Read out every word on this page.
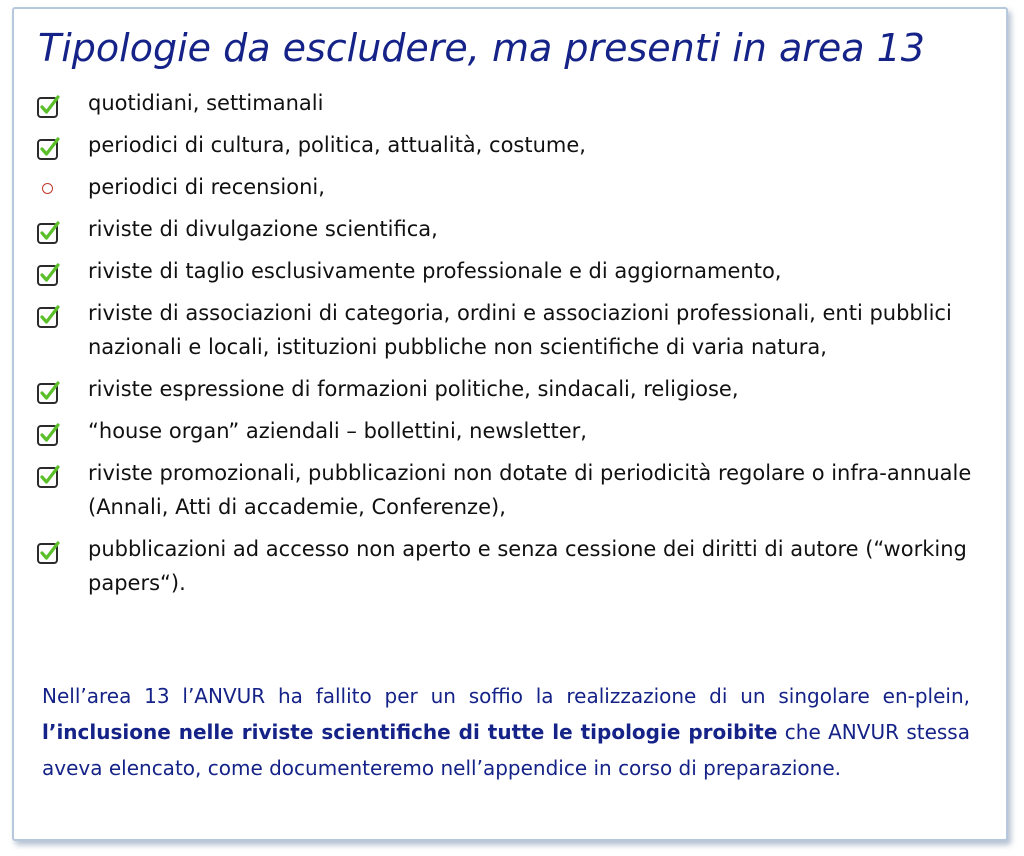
Tipologie da escludere, ma presenti in area 13
quotidiani, settimanali
periodici di cultura, politica, attualità, costume,
periodici di recensioni,
riviste di divulgazione scientifica,
riviste di taglio esclusivamente professionale e di aggiornamento,
riviste di associazioni di categoria, ordini e associazioni professionali, enti pubblici nazionali e locali, istituzioni pubbliche non scientifiche di varia natura,
riviste espressione di formazioni politiche, sindacali, religiose,
“house organ” aziendali – bollettini, newsletter,
riviste promozionali, pubblicazioni non dotate di periodicità regolare o infra-annuale (Annali, Atti di accademie, Conferenze),
pubblicazioni ad accesso non aperto e senza cessione dei diritti di autore (“working papers“).

Nell’area 13 l’ANVUR ha fallito per un soffio la realizzazione di un singolare en-plein, l’inclusione nelle riviste scientifiche di tutte le tipologie proibite che ANVUR stessa aveva elencato, come documenteremo nell’appendice in corso di preparazione.
